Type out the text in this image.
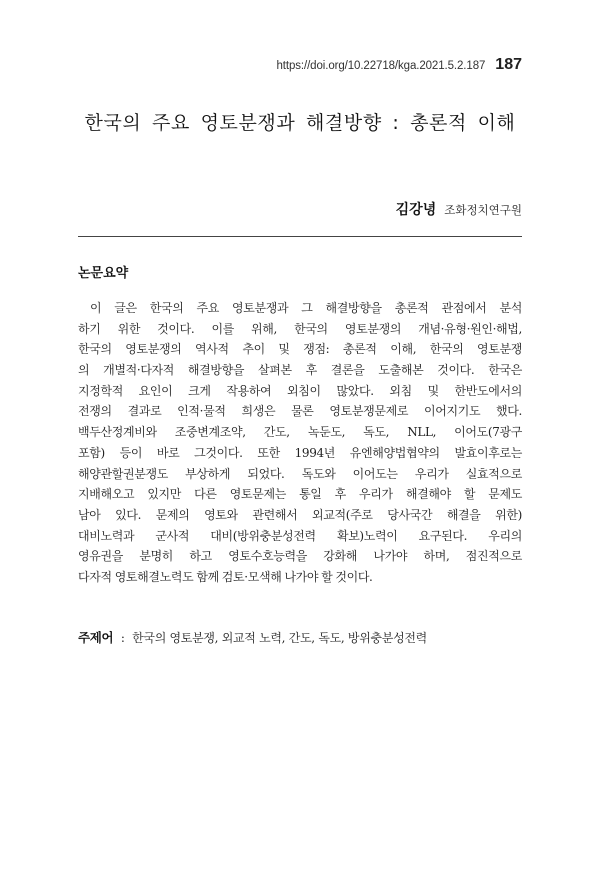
https://doi.org/10.22718/kga.2021.5.2.187 187
한국의 주요 영토분쟁과 해결방향 : 총론적 이해
김강녕 조화정치연구원
논문요약
이 글은 한국의 주요 영토분쟁과 그 해결방향을 총론적 관점에서 분석
하기 위한 것이다. 이를 위해, 한국의 영토분쟁의 개념·유형·원인·해법,
한국의 영토분쟁의 역사적 추이 및 쟁점: 총론적 이해, 한국의 영토분쟁
의 개별적·다자적 해결방향을 살펴본 후 결론을 도출해본 것이다. 한국은
지정학적 요인이 크게 작용하여 외침이 많았다. 외침 및 한반도에서의
전쟁의 결과로 인적·물적 희생은 물론 영토분쟁문제로 이어지기도 했다.
백두산정계비와 조중변계조약, 간도, 녹둔도, 독도, NLL, 이어도(7광구
포함) 등이 바로 그것이다. 또한 1994년 유엔해양법협약의 발효이후로는
해양관할권분쟁도 부상하게 되었다. 독도와 이어도는 우리가 실효적으로
지배해오고 있지만 다른 영토문제는 통일 후 우리가 해결해야 할 문제도
남아 있다. 문제의 영토와 관련해서 외교적(주로 당사국간 해결을 위한)
대비노력과 군사적 대비(방위충분성전력 확보)노력이 요구된다. 우리의
영유권을 분명히 하고 영토수호능력을 강화해 나가야 하며, 점진적으로
다자적 영토해결노력도 함께 검토·모색해 나가야 할 것이다.
주제어 : 한국의 영토분쟁, 외교적 노력, 간도, 독도, 방위충분성전력
